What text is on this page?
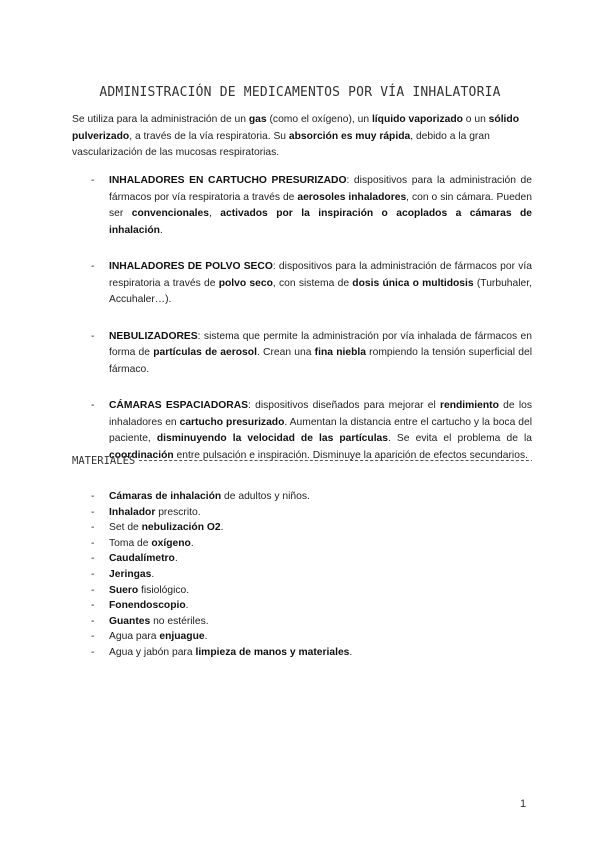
ADMINISTRACIÓN DE MEDICAMENTOS POR VÍA INHALATORIA

Se utiliza para la administración de un gas (como el oxígeno), un líquido vaporizado o un sólido pulverizado, a través de la vía respiratoria. Su absorción es muy rápida, debido a la gran vascularización de las mucosas respiratorias.

- INHALADORES EN CARTUCHO PRESURIZADO: dispositivos para la administración de fármacos por vía respiratoria a través de aerosoles inhaladores, con o sin cámara. Pueden ser convencionales, activados por la inspiración o acoplados a cámaras de inhalación.
- INHALADORES DE POLVO SECO: dispositivos para la administración de fármacos por vía respiratoria a través de polvo seco, con sistema de dosis única o multidosis (Turbuhaler, Accuhaler…).
- NEBULIZADORES: sistema que permite la administración por vía inhalada de fármacos en forma de partículas de aerosol. Crean una fina niebla rompiendo la tensión superficial del fármaco.
- CÁMARAS ESPACIADORAS: dispositivos diseñados para mejorar el rendimiento de los inhaladores en cartucho presurizado. Aumentan la distancia entre el cartucho y la boca del paciente, disminuyendo la velocidad de las partículas. Se evita el problema de la coordinación entre pulsación e inspiración. Disminuye la aparición de efectos secundarios.
MATERIALES
- Cámaras de inhalación de adultos y niños.
- Inhalador prescrito.
- Set de nebulización O2.
- Toma de oxígeno.
- Caudalímetro.
- Jeringas.
- Suero fisiológico.
- Fonendoscopio.
- Guantes no estériles.
- Agua para enjuague.
- Agua y jabón para limpieza de manos y materiales.
1
